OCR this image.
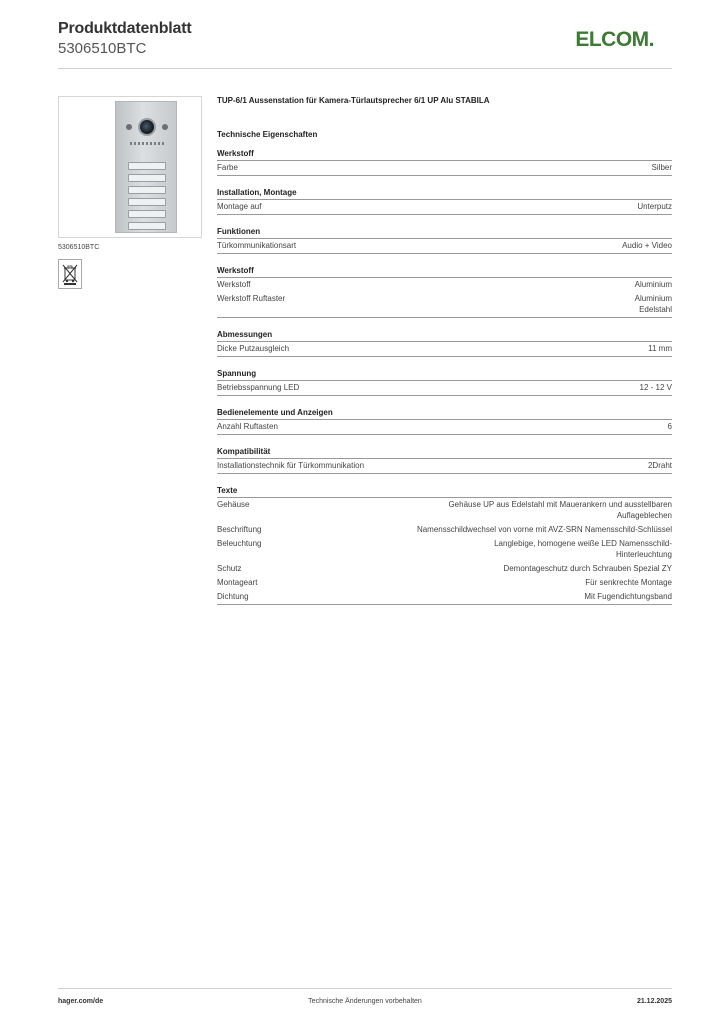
Produktdatenblatt
5306510BTC	ELCOM.
5306510BTC
TUP-6/1 Aussenstation für Kamera-Türlautsprecher 6/1 UP Alu STABILA
Technische Eigenschaften
Werkstoff
Farbe	Silber
Installation, Montage
Montage auf	Unterputz
Funktionen
Türkommunikationsart	Audio + Video
Werkstoff
Werkstoff	Aluminium
Werkstoff Ruftaster	Aluminium
Edelstahl
Abmessungen
Dicke Putzausgleich	11 mm
Spannung
Betriebsspannung LED	12 - 12 V
Bedienelemente und Anzeigen
Anzahl Ruftasten	6
Kompatibilität
Installationstechnik für Türkommunikation	2Draht
Texte
Gehäuse	Gehäuse UP aus Edelstahl mit Mauerankern und ausstellbaren Auflageblechen
Beschriftung	Namensschildwechsel von vorne mit AVZ-SRN Namensschild-Schlüssel
Beleuchtung	Langlebige, homogene weiße LED Namensschild-Hinterleuchtung
Schutz	Demontageschutz durch Schrauben Spezial ZY
Montageart	Für senkrechte Montage
Dichtung	Mit Fugendichtungsband
hager.com/de	Technische Änderungen vorbehalten	21.12.2025
